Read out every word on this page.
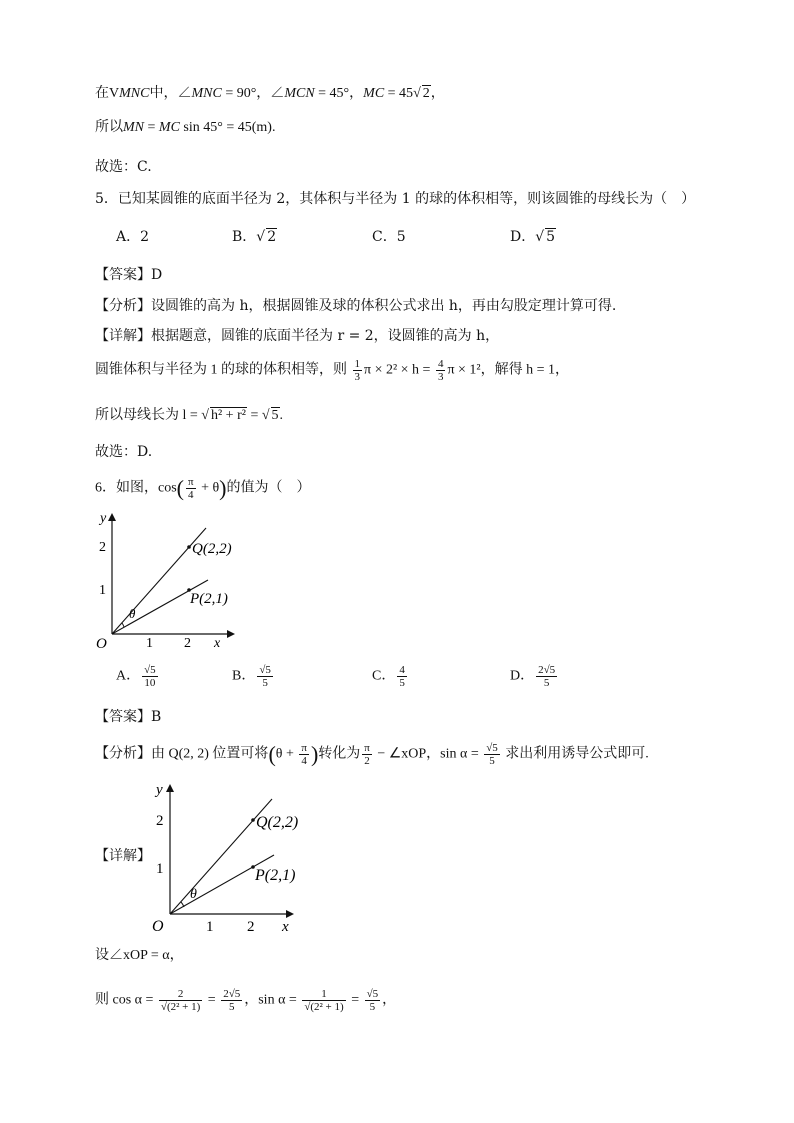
在VMNC中，∠MNC = 90°，∠MCN = 45°，MC = 45√ 2，
所以MN = MC sin 45° = 45(m).
故选：C.
5．已知某圆锥的底面半径为 2，其体积与半径为 1 的球的体积相等，则该圆锥的母线长为（　）
A．2	B．√ 2	C．5	D．√ 5
【答案】D
【分析】设圆锥的高为 h，根据圆锥及球的体积公式求出 h，再由勾股定理计算可得.
【详解】根据题意，圆锥的底面半径为 r = 2，设圆锥的高为 h，
圆锥体积与半径为 1 的球的体积相等，则 $\frac{1}{3}$ $\pi \times 2^2 \times h = \frac{4}{3}$ π × 1²，解得 h = 1，
所以母线长为 l = √ h² + r² = √ 5.
故选：D.
6．如图，$\cos( \frac{\pi}{4} + \theta)$的值为（　）
y
x
O	1 2
1
2	Q(2,2)
P(2,1)
θ
A． $\frac{√5}{10}$	B． $\frac{√5}{5}$	C． $\frac{4}{5}$	D． $\frac{2√5}{5}$
【答案】B
【分析】由 Q(2, 2) 位置可将($\theta + \frac{\pi}{4}$ )转化为 $\frac{\pi}{2}$ − ∠xOP，$\sin \alpha = \frac{√5}{5}$ 求出利用诱导公式即可.
【详解】
y
x
O	1 2
1
2	Q(2,2)
P(2,1)
θ
设∠xOP = α，
则 $\cos \alpha = \frac{2}{\text{√(2² + 1)}} = \frac{2√5}{5}$ ，$\sin \alpha = \frac{1}{\text{√(2² + 1)}} = \frac{√5}{5}$ ，
